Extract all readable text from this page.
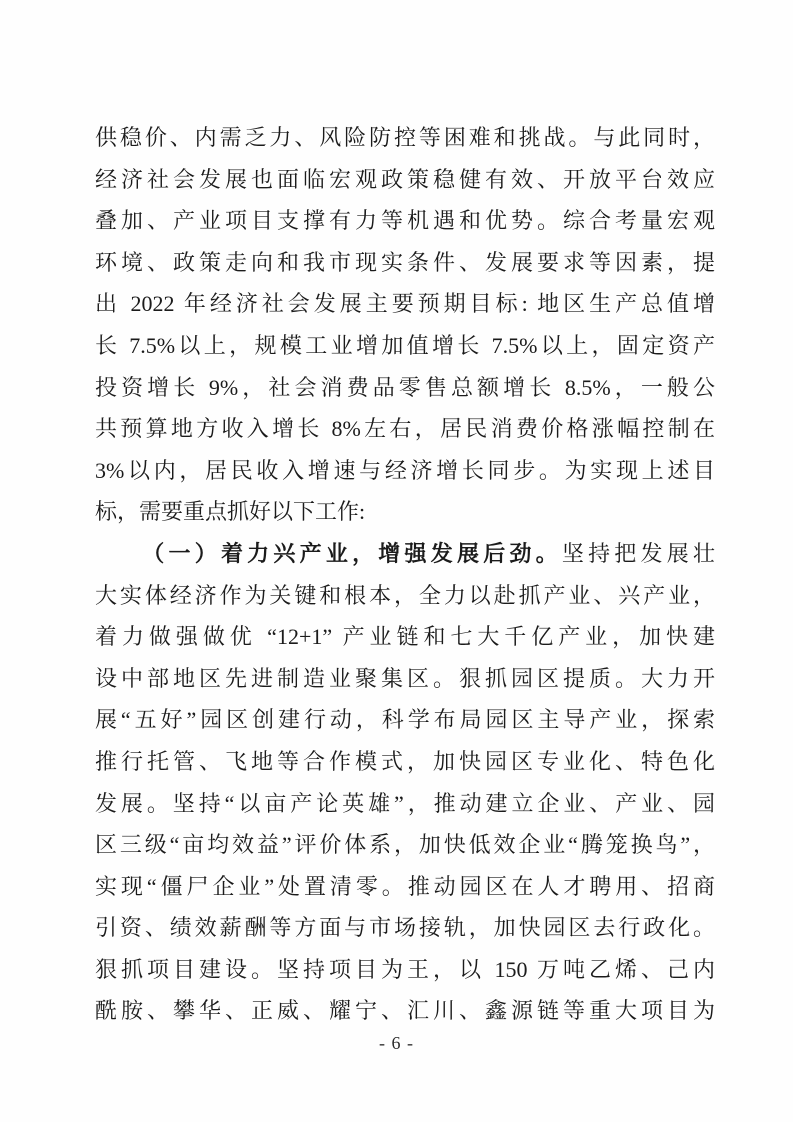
供稳价、内需乏力、风险防控等困难和挑战。与此同时，
经济社会发展也面临宏观政策稳健有效、开放平台效应
叠加、产业项目支撑有力等机遇和优势。综合考量宏观
环境、政策走向和我市现实条件、发展要求等因素，提
出 2022 年经济社会发展主要预期目标: 地区生产总值增
长 7.5%以上，规模工业增加值增长 7.5%以上，固定资产
投资增长 9%，社会消费品零售总额增长 8.5%，一般公
共预算地方收入增长 8%左右，居民消费价格涨幅控制在
3%以内，居民收入增速与经济增长同步。为实现上述目
标，需要重点抓好以下工作:
（一）着力兴产业，增强发展后劲。坚持把发展壮
大实体经济作为关键和根本，全力以赴抓产业、兴产业，
着力做强做优 “12+1” 产业链和七大千亿产业，加快建
设中部地区先进制造业聚集区。狠抓园区提质。大力开
展“五好”园区创建行动，科学布局园区主导产业，探索
推行托管、飞地等合作模式，加快园区专业化、特色化
发展。坚持“以亩产论英雄”，推动建立企业、产业、园
区三级“亩均效益”评价体系，加快低效企业“腾笼换鸟”，
实现“僵尸企业”处置清零。推动园区在人才聘用、招商
引资、绩效薪酬等方面与市场接轨，加快园区去行政化。
狠抓项目建设。坚持项目为王，以 150 万吨乙烯、己内
酰胺、攀华、正威、耀宁、汇川、鑫源链等重大项目为
- 6 -
